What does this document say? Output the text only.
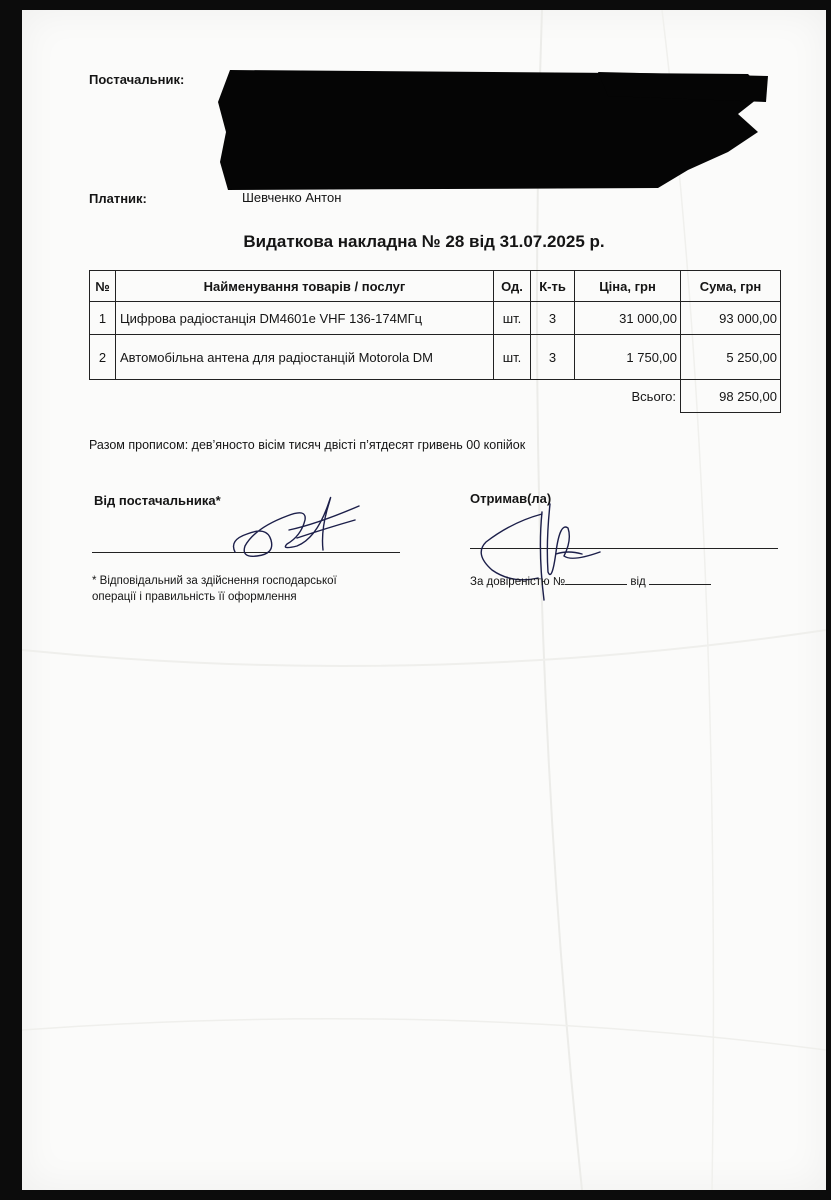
Постачальник:
Платник:	Шевченко Антон
Видаткова накладна № 28 від 31.07.2025 р.
№	Найменування товарів / послуг	Од.	К-ть	Ціна, грн	Сума, грн
1	Цифрова радіостанція DM4601e VHF 136-174МГц	шт.	3	31 000,00	93 000,00
2	Автомобільна антена для радіостанцій Motorola DM	шт.	3	1 750,00	5 250,00
				Всього:	98 250,00
Разом прописом: дев’яносто вісім тисяч двісті п’ятдесят гривень 00 копійок
Від постачальника*	Отримав(ла)
* Відповідальний за здійснення господарської
операції і правильність її оформлення
За довіреністю №	від
